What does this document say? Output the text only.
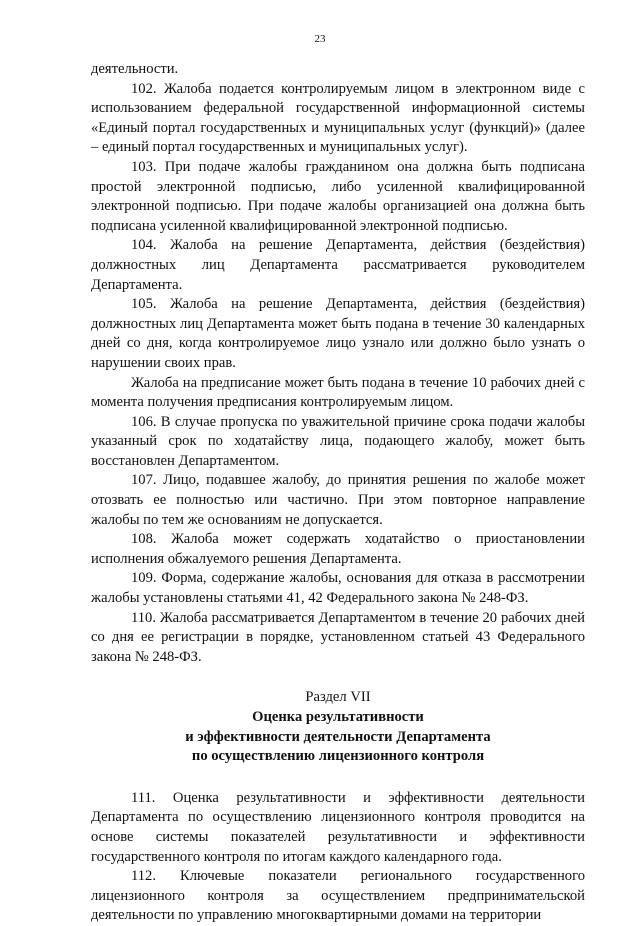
23

деятельности.

102. Жалоба подается контролируемым лицом в электронном виде с использованием федеральной государственной информационной системы «Единый портал государственных и муниципальных услуг (функций)» (далее – единый портал государственных и муниципальных услуг).

103. При подаче жалобы гражданином она должна быть подписана простой электронной подписью, либо усиленной квалифицированной электронной подписью. При подаче жалобы организацией она должна быть подписана усиленной квалифицированной электронной подписью.

104. Жалоба на решение Департамента, действия (бездействия) должностных лиц Департамента рассматривается руководителем Департамента.

105. Жалоба на решение Департамента, действия (бездействия) должностных лиц Департамента может быть подана в течение 30 календарных дней со дня, когда контролируемое лицо узнало или должно было узнать о нарушении своих прав.

Жалоба на предписание может быть подана в течение 10 рабочих дней с момента получения предписания контролируемым лицом.

106. В случае пропуска по уважительной причине срока подачи жалобы указанный срок по ходатайству лица, подающего жалобу, может быть восстановлен Департаментом.

107. Лицо, подавшее жалобу, до принятия решения по жалобе может отозвать ее полностью или частично. При этом повторное направление жалобы по тем же основаниям не допускается.

108. Жалоба может содержать ходатайство о приостановлении исполнения обжалуемого решения Департамента.

109. Форма, содержание жалобы, основания для отказа в рассмотрении жалобы установлены статьями 41, 42 Федерального закона № 248-ФЗ.

110. Жалоба рассматривается Департаментом в течение 20 рабочих дней со дня ее регистрации в порядке, установленном статьей 43 Федерального закона № 248-ФЗ.

Раздел VII
Оценка результативности
и эффективности деятельности Департамента
по осуществлению лицензионного контроля

111. Оценка результативности и эффективности деятельности Департамента по осуществлению лицензионного контроля проводится на основе системы показателей результативности и эффективности государственного контроля по итогам каждого календарного года.

112. Ключевые показатели регионального государственного лицензионного контроля за осуществлением предпринимательской деятельности по управлению многоквартирными домами на территории
